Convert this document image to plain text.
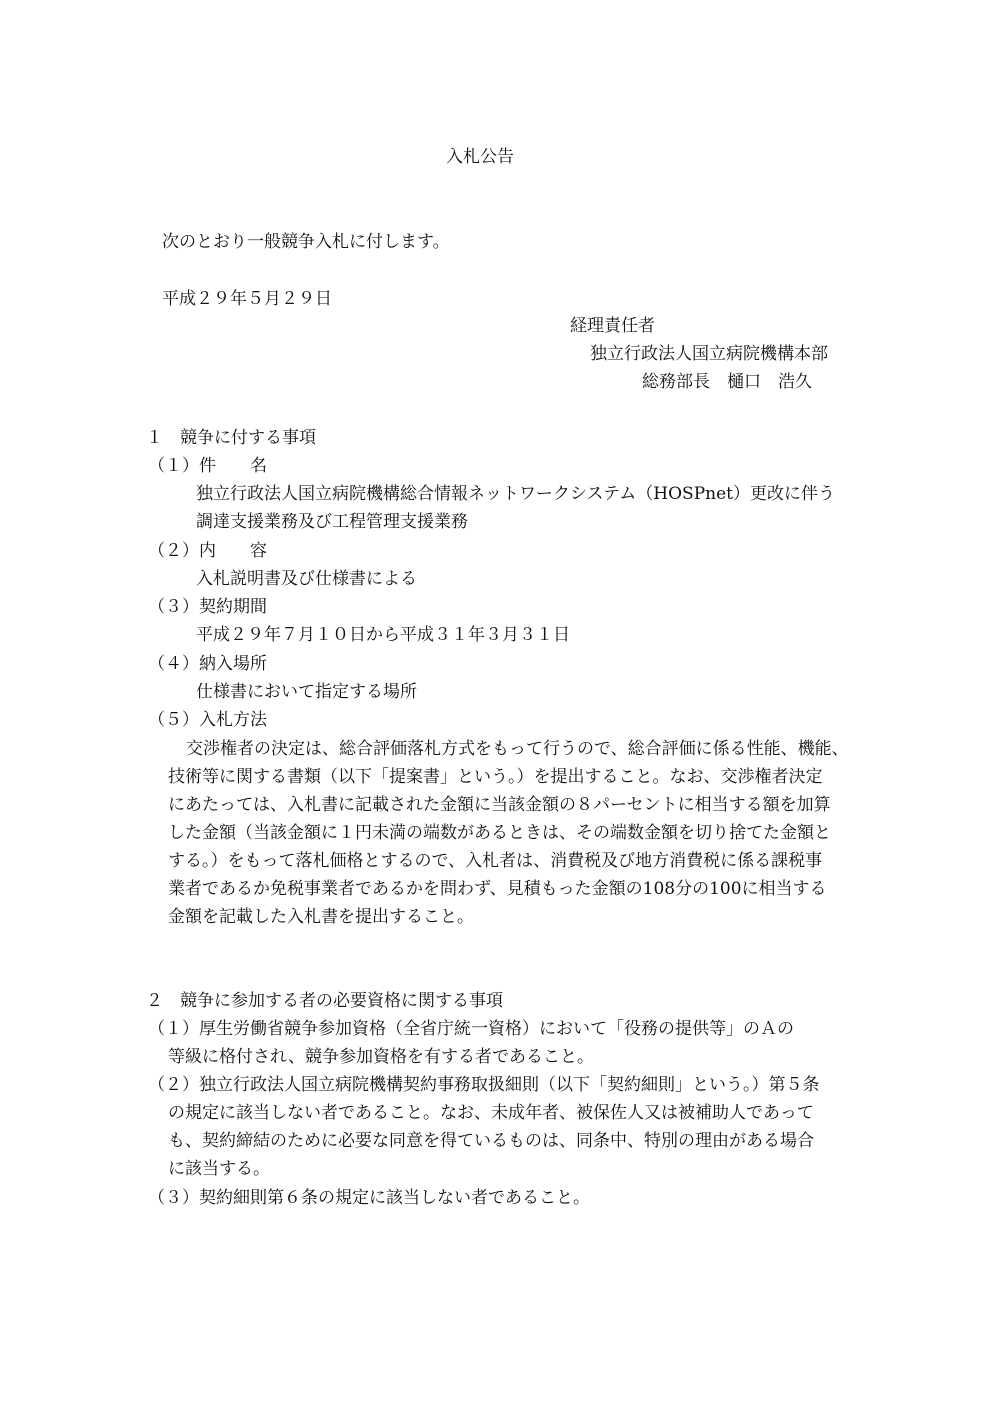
入札公告
次のとおり一般競争入札に付します。
平成２９年５月２９日
経理責任者
独立行政法人国立病院機構本部
総務部長　樋口　浩久
１　競争に付する事項
（１）件　　名
独立行政法人国立病院機構総合情報ネットワークシステム（HOSPnet）更改に伴う
調達支援業務及び工程管理支援業務
（２）内　　容
入札説明書及び仕様書による
（３）契約期間
平成２９年７月１０日から平成３１年３月３１日
（４）納入場所
仕様書において指定する場所
（５）入札方法
交渉権者の決定は、総合評価落札方式をもって行うので、総合評価に係る性能、機能、
技術等に関する書類（以下「提案書」という。）を提出すること。なお、交渉権者決定
にあたっては、入札書に記載された金額に当該金額の８パーセントに相当する額を加算
した金額（当該金額に１円未満の端数があるときは、その端数金額を切り捨てた金額と
する。）をもって落札価格とするので、入札者は、消費税及び地方消費税に係る課税事
業者であるか免税事業者であるかを問わず、見積もった金額の108分の100に相当する
金額を記載した入札書を提出すること。
２　競争に参加する者の必要資格に関する事項
（１）厚生労働省競争参加資格（全省庁統一資格）において「役務の提供等」のＡの
等級に格付され、競争参加資格を有する者であること。
（２）独立行政法人国立病院機構契約事務取扱細則（以下「契約細則」という。）第５条
の規定に該当しない者であること。なお、未成年者、被保佐人又は被補助人であって
も、契約締結のために必要な同意を得ているものは、同条中、特別の理由がある場合
に該当する。
（３）契約細則第６条の規定に該当しない者であること。
